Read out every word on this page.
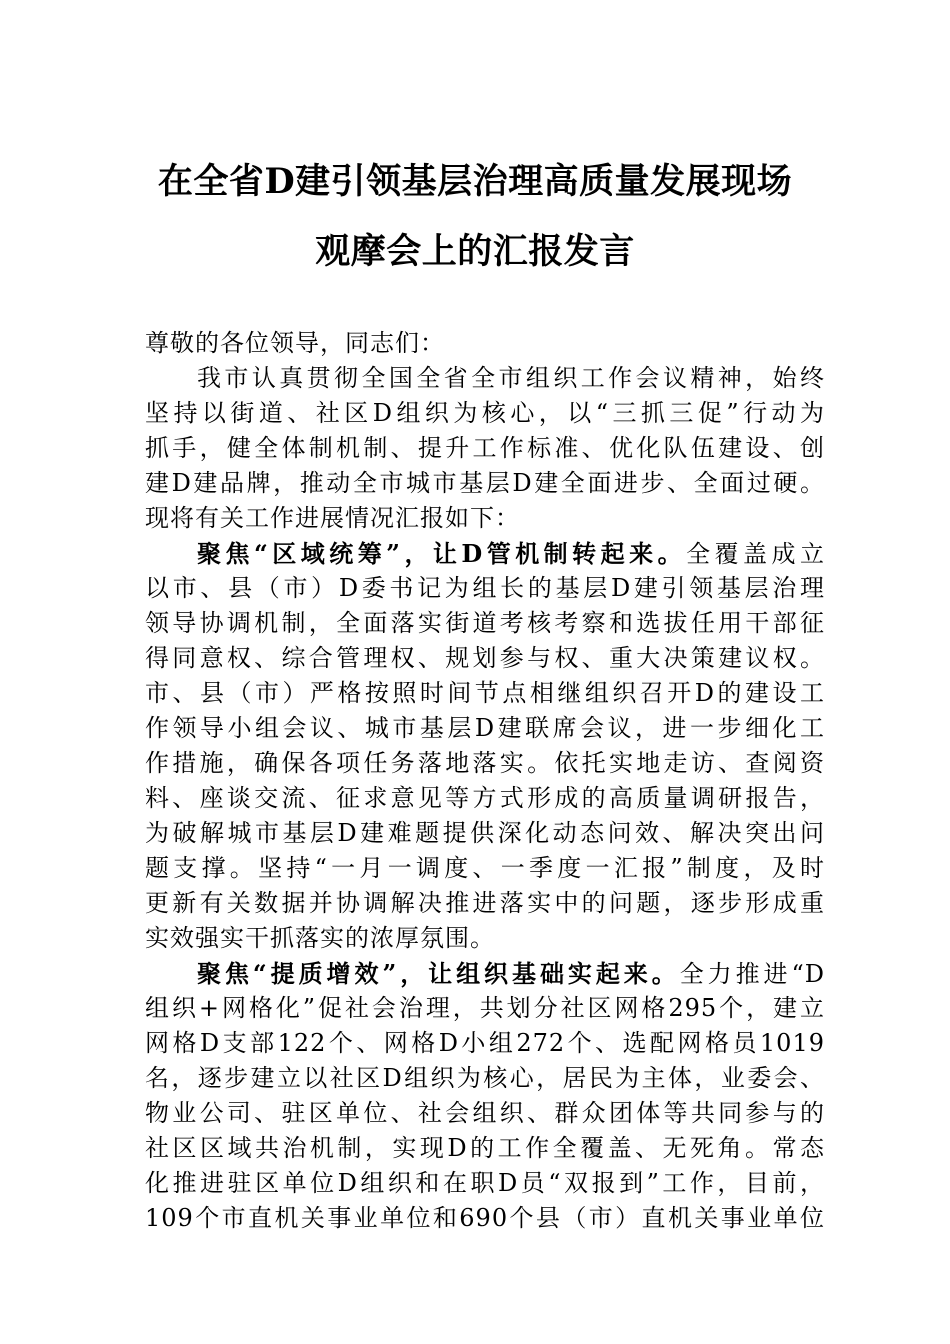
在全省D建引领基层治理高质量发展现场
观摩会上的汇报发言
尊敬的各位领导，同志们：
我市认真贯彻全国全省全市组织工作会议精神，始终
坚持以街道、社区D组织为核心，以“三抓三促”行动为
抓手，健全体制机制、提升工作标准、优化队伍建设、创
建D建品牌，推动全市城市基层D建全面进步、全面过硬。
现将有关工作进展情况汇报如下：
聚焦“区域统筹”，让D管机制转起来。全覆盖成立
以市、县（市）D委书记为组长的基层D建引领基层治理
领导协调机制，全面落实街道考核考察和选拔任用干部征
得同意权、综合管理权、规划参与权、重大决策建议权。
市、县（市）严格按照时间节点相继组织召开D的建设工
作领导小组会议、城市基层D建联席会议，进一步细化工
作措施，确保各项任务落地落实。依托实地走访、查阅资
料、座谈交流、征求意见等方式形成的高质量调研报告，
为破解城市基层D建难题提供深化动态问效、解决突出问
题支撑。坚持“一月一调度、一季度一汇报”制度，及时
更新有关数据并协调解决推进落实中的问题，逐步形成重
实效强实干抓落实的浓厚氛围。
聚焦“提质增效”，让组织基础实起来。全力推进“D
组织+网格化”促社会治理，共划分社区网格295个，建立
网格D支部122个、网格D小组272个、选配网格员1019
名，逐步建立以社区D组织为核心，居民为主体，业委会、
物业公司、驻区单位、社会组织、群众团体等共同参与的
社区区域共治机制，实现D的工作全覆盖、无死角。常态
化推进驻区单位D组织和在职D员“双报到”工作，目前，
109个市直机关事业单位和690个县（市）直机关事业单位
